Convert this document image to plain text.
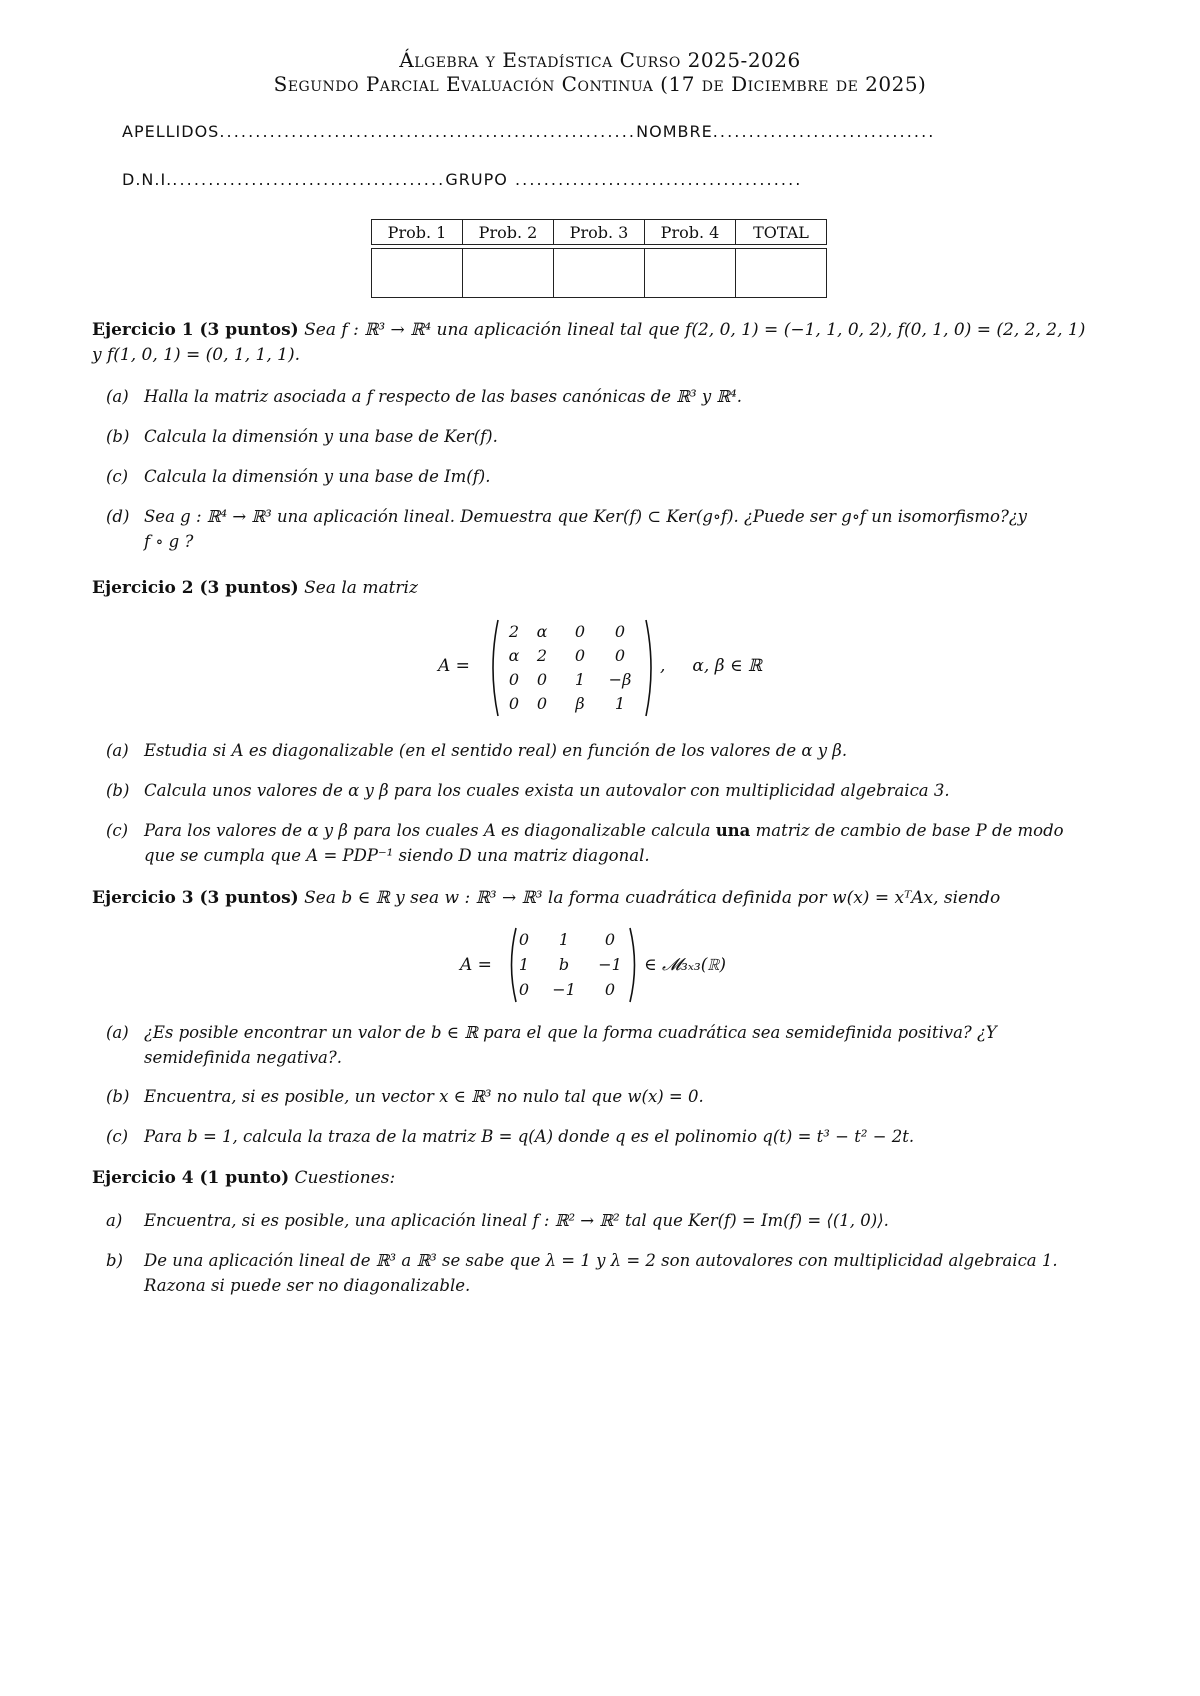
Álgebra y Estadística Curso 2025-2026
Segundo Parcial Evaluación Continua (17 de Diciembre de 2025)
APELLIDOS..........................................................NOMBRE...............................
D.N.I.......................................GRUPO ........................................
Prob. 1	Prob. 2	Prob. 3	Prob. 4	TOTAL

Ejercicio 1 (3 puntos) Sea f : ℝ³ → ℝ⁴ una aplicación lineal tal que f(2, 0, 1) = (−1, 1, 0, 2), f(0, 1, 0) = (2, 2, 2, 1)
y f(1, 0, 1) = (0, 1, 1, 1).
(a) Halla la matriz asociada a f respecto de las bases canónicas de ℝ³ y ℝ⁴.
(b) Calcula la dimensión y una base de Ker(f).
(c) Calcula la dimensión y una base de Im(f).
(d) Sea g : ℝ⁴ → ℝ³ una aplicación lineal. Demuestra que Ker(f) ⊂ Ker(g∘f). ¿Puede ser g∘f un isomorfismo?¿y
f ∘ g ?
Ejercicio 2 (3 puntos) Sea la matriz
A =
2	α	0	0
α	2	0	0
0	0	1	−β
0	0	β	1
,     α, β ∈ ℝ
(a) Estudia si A es diagonalizable (en el sentido real) en función de los valores de α y β.
(b) Calcula unos valores de α y β para los cuales exista un autovalor con multiplicidad algebraica 3.
(c) Para los valores de α y β para los cuales A es diagonalizable calcula una matriz de cambio de base P de modo
que se cumpla que A = PDP⁻¹ siendo D una matriz diagonal.
Ejercicio 3 (3 puntos) Sea b ∈ ℝ y sea w : ℝ³ → ℝ³ la forma cuadrática definida por w(x) = xᵀAx, siendo
A =
0	1	0
1	b	−1
0	−1	0
∈ 𝓜₃ₓ₃(ℝ)
(a) ¿Es posible encontrar un valor de b ∈ ℝ para el que la forma cuadrática sea semidefinida positiva? ¿Y
semidefinida negativa?.
(b) Encuentra, si es posible, un vector x ∈ ℝ³ no nulo tal que w(x) = 0.
(c) Para b = 1, calcula la traza de la matriz B = q(A) donde q es el polinomio q(t) = t³ − t² − 2t.
Ejercicio 4 (1 punto) Cuestiones:
a) Encuentra, si es posible, una aplicación lineal f : ℝ² → ℝ² tal que Ker(f) = Im(f) = ⟨(1, 0)⟩.
b) De una aplicación lineal de ℝ³ a ℝ³ se sabe que λ = 1 y λ = 2 son autovalores con multiplicidad algebraica 1.
Razona si puede ser no diagonalizable.
